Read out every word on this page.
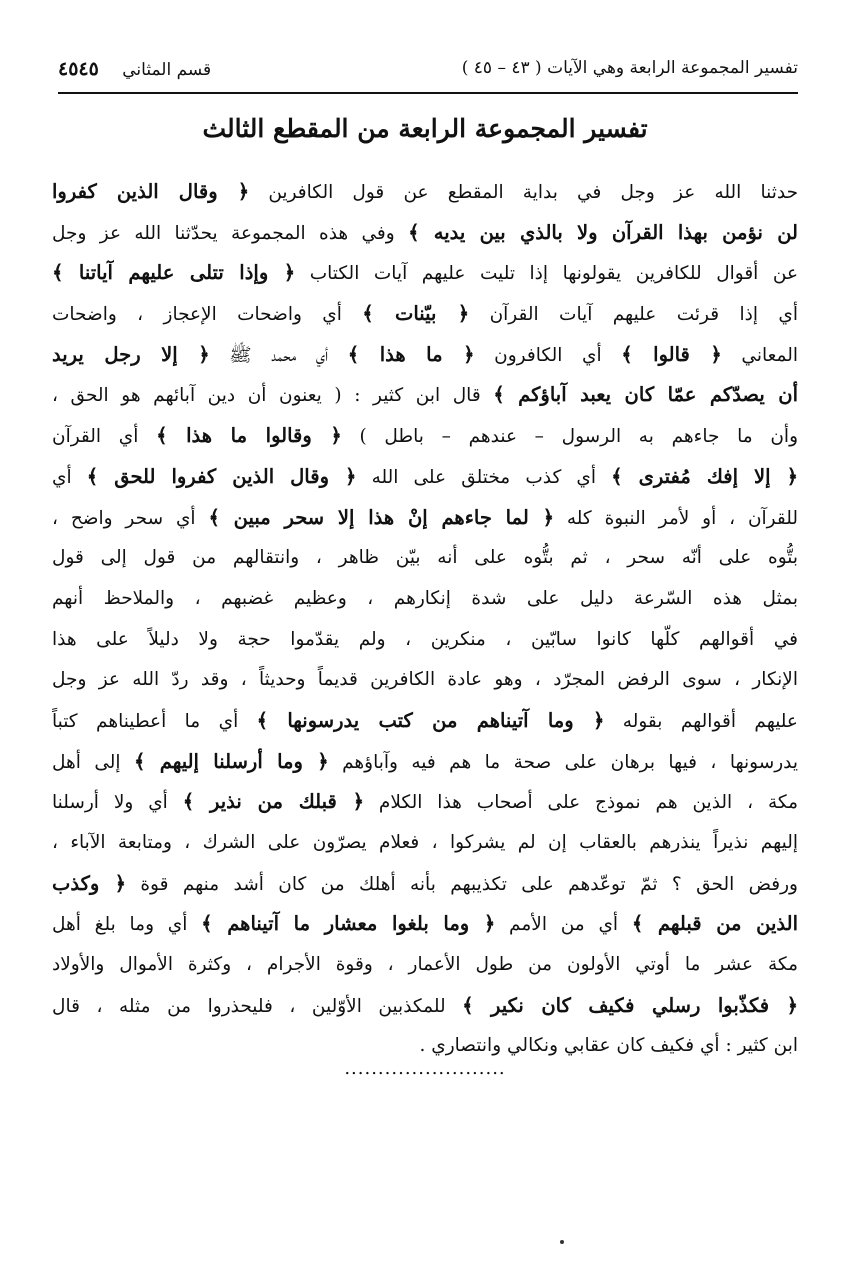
تفسير المجموعة الرابعة وهي الآيات ( ٤٣ – ٤٥ )
قسم المثاني ٤٥٤٥
تفسير المجموعة الرابعة من المقطع الثالث
حدثنا الله عز وجل في بداية المقطع عن قول الكافرين ﴿ وقال الذين كفروا
لن نؤمن بهذا القرآن ولا بالذي بين يديه ﴾ وفي هذه المجموعة يحدّثنا الله عز وجل
عن أقوال للكافرين يقولونها إذا تليت عليهم آيات الكتاب ﴿ وإذا تتلى عليهم آياتنا ﴾
أي إذا قرئت عليهم آيات القرآن ﴿ بيّنات ﴾ أي واضحات الإعجاز ، واضحات
المعاني ﴿ قالوا ﴾ أي الكافرون ﴿ ما هذا ﴾ أي محمد ﷺ ﴿ إلا رجل يريد
أن يصدّكم عمّا كان يعبد آباؤكم ﴾ قال ابن كثير : ( يعنون أن دين آبائهم هو الحق ،
وأن ما جاءهم به الرسول – عندهم – باطل ) ﴿ وقالوا ما هذا ﴾ أي القرآن
﴿ إلا إفك مُفترى ﴾ أي كذب مختلق على الله ﴿ وقال الذين كفروا للحق ﴾ أي
للقرآن ، أو لأمر النبوة كله ﴿ لما جاءهم إنْ هذا إلا سحر مبين ﴾ أي سحر واضح ،
بتُّوه على أنّه سحر ، ثم بتُّوه على أنه بيّن ظاهر ، وانتقالهم من قول إلى قول
بمثل هذه السّرعة دليل على شدة إنكارهم ، وعظيم غضبهم ، والملاحظ أنهم
في أقوالهم كلّها كانوا سابّين ، منكرين ، ولم يقدّموا حجة ولا دليلاً على هذا
الإنكار ، سوى الرفض المجرّد ، وهو عادة الكافرين قديماً وحديثاً ، وقد ردّ الله عز وجل
عليهم أقوالهم بقوله ﴿ وما آتيناهم من كتب يدرسونها ﴾ أي ما أعطيناهم كتباً
يدرسونها ، فيها برهان على صحة ما هم فيه وآباؤهم ﴿ وما أرسلنا إليهم ﴾ إلى أهل
مكة ، الذين هم نموذج على أصحاب هذا الكلام ﴿ قبلك من نذير ﴾ أي ولا أرسلنا
إليهم نذيراً ينذرهم بالعقاب إن لم يشركوا ، فعلام يصرّون على الشرك ، ومتابعة الآباء ،
ورفض الحق ؟ ثمّ توعّدهم على تكذيبهم بأنه أهلك من كان أشد منهم قوة ﴿ وكذب
الذين من قبلهم ﴾ أي من الأمم ﴿ وما بلغوا معشار ما آتيناهم ﴾ أي وما بلغ أهل
مكة عشر ما أوتي الأولون من طول الأعمار ، وقوة الأجرام ، وكثرة الأموال والأولاد
﴿ فكذّبوا رسلي فكيف كان نكير ﴾ للمكذبين الأوّلين ، فليحذروا من مثله ، قال
ابن كثير : أي فكيف كان عقابي ونكالي وانتصاري .
........................
